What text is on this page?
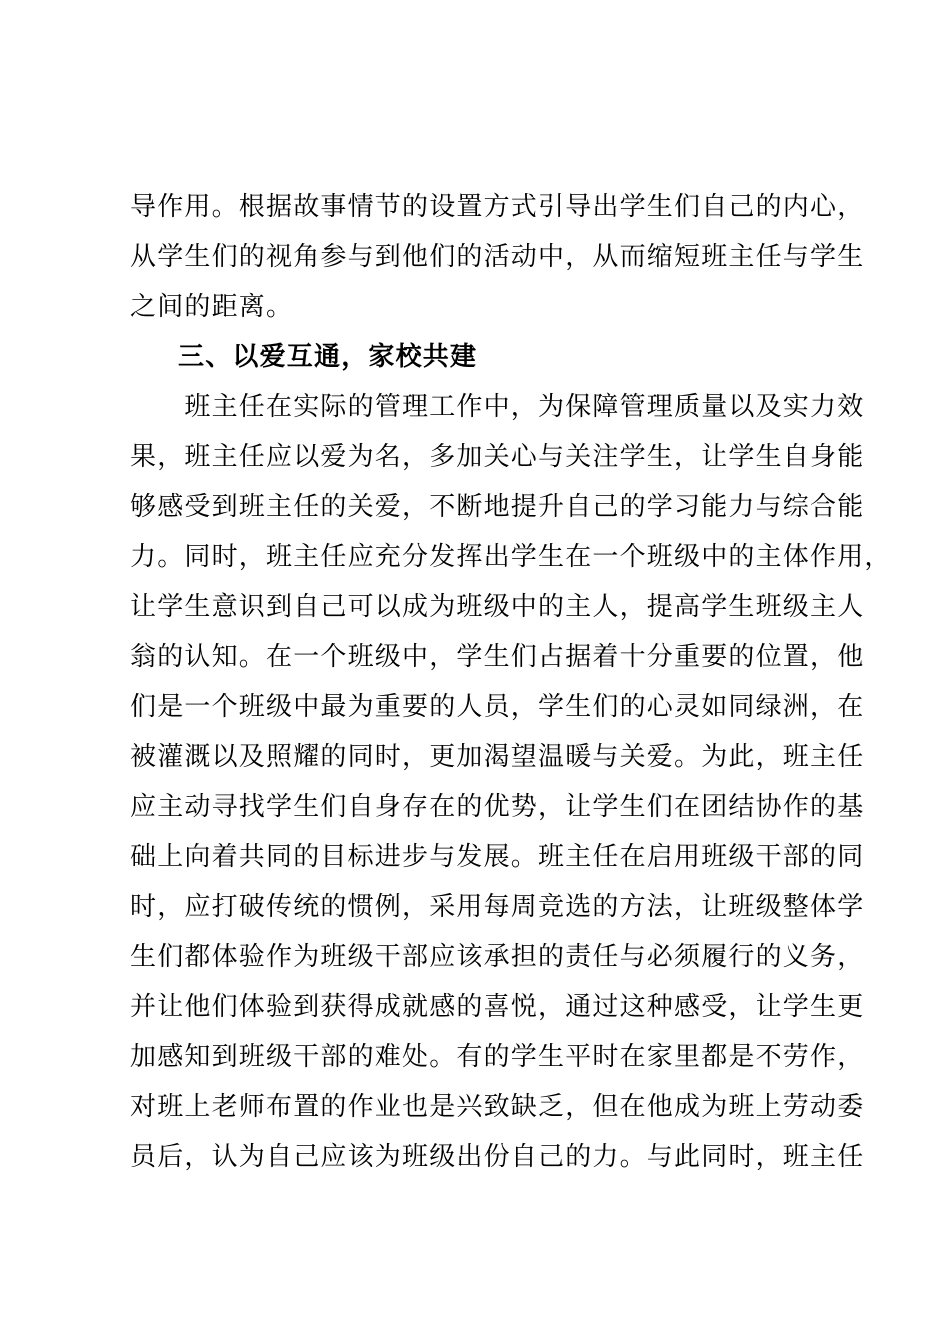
导作用。根据故事情节的设置方式引导出学生们自己的内心，
从学生们的视角参与到他们的活动中，从而缩短班主任与学生
之间的距离。
三、以爱互通，家校共建
　　班主任在实际的管理工作中，为保障管理质量以及实力效
果，班主任应以爱为名，多加关心与关注学生，让学生自身能
够感受到班主任的关爱，不断地提升自己的学习能力与综合能
力。同时，班主任应充分发挥出学生在一个班级中的主体作用，
让学生意识到自己可以成为班级中的主人，提高学生班级主人
翁的认知。在一个班级中，学生们占据着十分重要的位置，他
们是一个班级中最为重要的人员，学生们的心灵如同绿洲，在
被灌溉以及照耀的同时，更加渴望温暖与关爱。为此，班主任
应主动寻找学生们自身存在的优势，让学生们在团结协作的基
础上向着共同的目标进步与发展。班主任在启用班级干部的同
时，应打破传统的惯例，采用每周竞选的方法，让班级整体学
生们都体验作为班级干部应该承担的责任与必须履行的义务，
并让他们体验到获得成就感的喜悦，通过这种感受，让学生更
加感知到班级干部的难处。有的学生平时在家里都是不劳作，
对班上老师布置的作业也是兴致缺乏，但在他成为班上劳动委
员后，认为自己应该为班级出份自己的力。与此同时，班主任
